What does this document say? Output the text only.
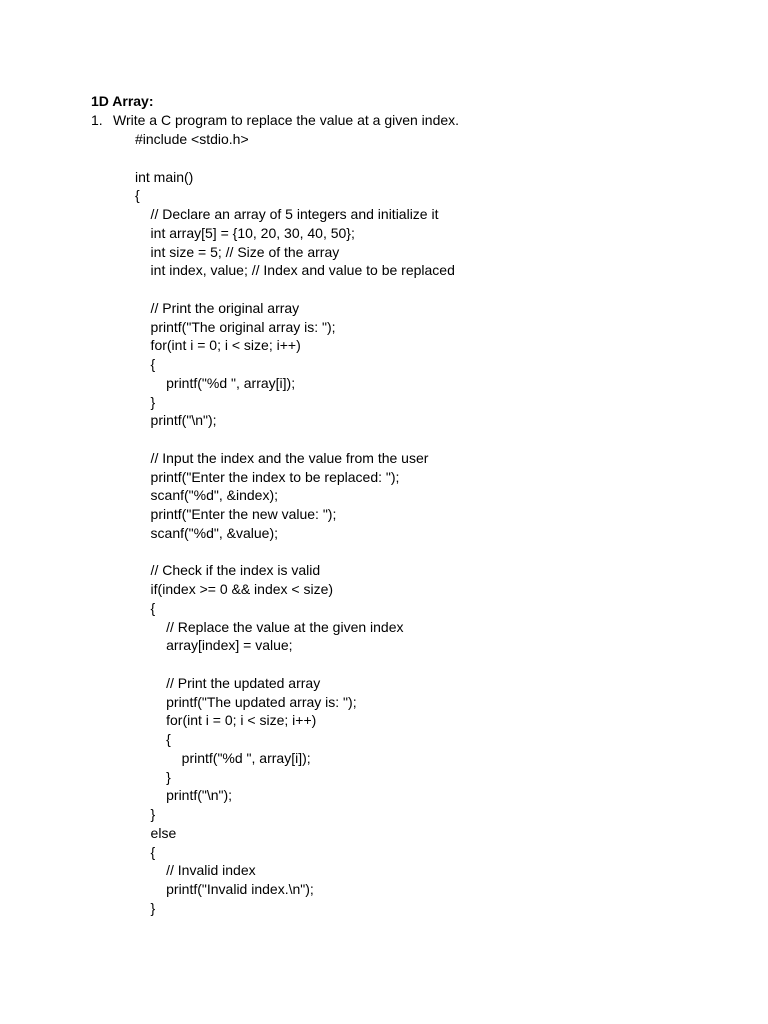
1D Array:
1. Write a C program to replace the value at a given index.
#include <stdio.h>
int main()
{
// Declare an array of 5 integers and initialize it
int array[5] = {10, 20, 30, 40, 50};
int size = 5; // Size of the array
int index, value; // Index and value to be replaced
// Print the original array
printf("The original array is: ");
for(int i = 0; i < size; i++)
{
printf("%d ", array[i]);
}
printf("\n");
// Input the index and the value from the user
printf("Enter the index to be replaced: ");
scanf("%d", &index);
printf("Enter the new value: ");
scanf("%d", &value);
// Check if the index is valid
if(index >= 0 && index < size)
{
// Replace the value at the given index
array[index] = value;
// Print the updated array
printf("The updated array is: ");
for(int i = 0; i < size; i++)
{
printf("%d ", array[i]);
}
printf("\n");
}
else
{
// Invalid index
printf("Invalid index.\n");
}
